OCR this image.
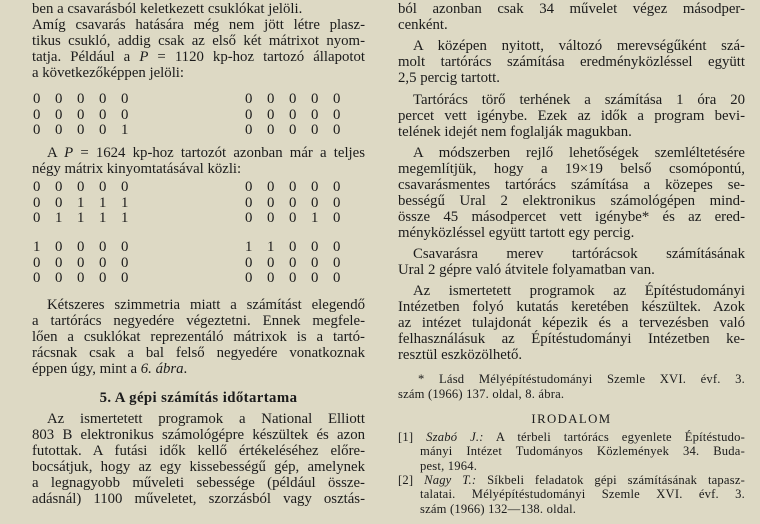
ben a csavarásból keletkezett csuklókat jelöli.
Amíg csavarás hatására még nem jött létre plasz-
tikus csukló, addig csak az első két mátrixot nyom-
tatja. Például a P = 1120 kp-hoz tartozó állapotot
a következőképpen jelöli:
0 0 0 0 0
0 0 0 0 0
0 0 0 0 1
0 0 0 0 0
0 0 0 0 0
0 0 0 0 0
A P = 1624 kp-hoz tartozót azonban már a teljes
négy mátrix kinyomtatásával közli:
0 0 0 0 0
0 0 1 1 1
0 1 1 1 1
0 0 0 0 0
0 0 0 0 0
0 0 0 1 0
1 0 0 0 0
0 0 0 0 0
0 0 0 0 0
1 1 0 0 0
0 0 0 0 0
0 0 0 0 0
Kétszeres szimmetria miatt a számítást elegendő
a tartórács negyedére végeztetni. Ennek megfele-
lően a csuklókat reprezentáló mátrixok is a tartó-
rácsnak csak a bal felső negyedére vonatkoznak
éppen úgy, mint a 6. ábra.
5. A gépi számítás időtartama
Az ismertetett programok a National Elliott
803 B elektronikus számológépre készültek és azon
futottak. A futási idők kellő értékeléséhez előre-
bocsátjuk, hogy az egy kissebességű gép, amelynek
a legnagyobb műveleti sebessége (például össze-
adásnál) 1100 műveletet, szorzásból vagy osztás-
ból azonban csak 34 művelet végez másodper-
cenként.
A középen nyitott, változó merevségűként szá-
molt tartórács számítása eredményközléssel együtt
2,5 percig tartott.
Tartórács törő terhének a számítása 1 óra 20
percet vett igénybe. Ezek az idők a program bevi-
telének idejét nem foglalják magukban.
A módszerben rejlő lehetőségek szemléltetésére
megemlítjük, hogy a 19×19 belső csomópontú,
csavarásmentes tartórács számítása a közepes se-
bességű Ural 2 elektronikus számológépen mind-
össze 45 másodpercet vett igénybe* és az ered-
ményközléssel együtt tartott egy percig.
Csavarásra merev tartórácsok számításának
Ural 2 gépre való átvitele folyamatban van.
Az ismertetett programok az Építéstudományi
Intézetben folyó kutatás keretében készültek. Azok
az intézet tulajdonát képezik és a tervezésben való
felhasználásuk az Építéstudományi Intézetben ke-
resztül eszközölhető.
* Lásd Mélyépítéstudományi Szemle XVI. évf. 3.
szám (1966) 137. oldal, 8. ábra.
IRODALOM
[1] Szabó J.: A térbeli tartórács egyenlete Építéstudo-
mányi Intézet Tudományos Közlemények 34. Buda-
pest, 1964.
[2] Nagy T.: Síkbeli feladatok gépi számításának tapasz-
talatai. Mélyépítéstudományi Szemle XVI. évf. 3.
szám (1966) 132—138. oldal.
